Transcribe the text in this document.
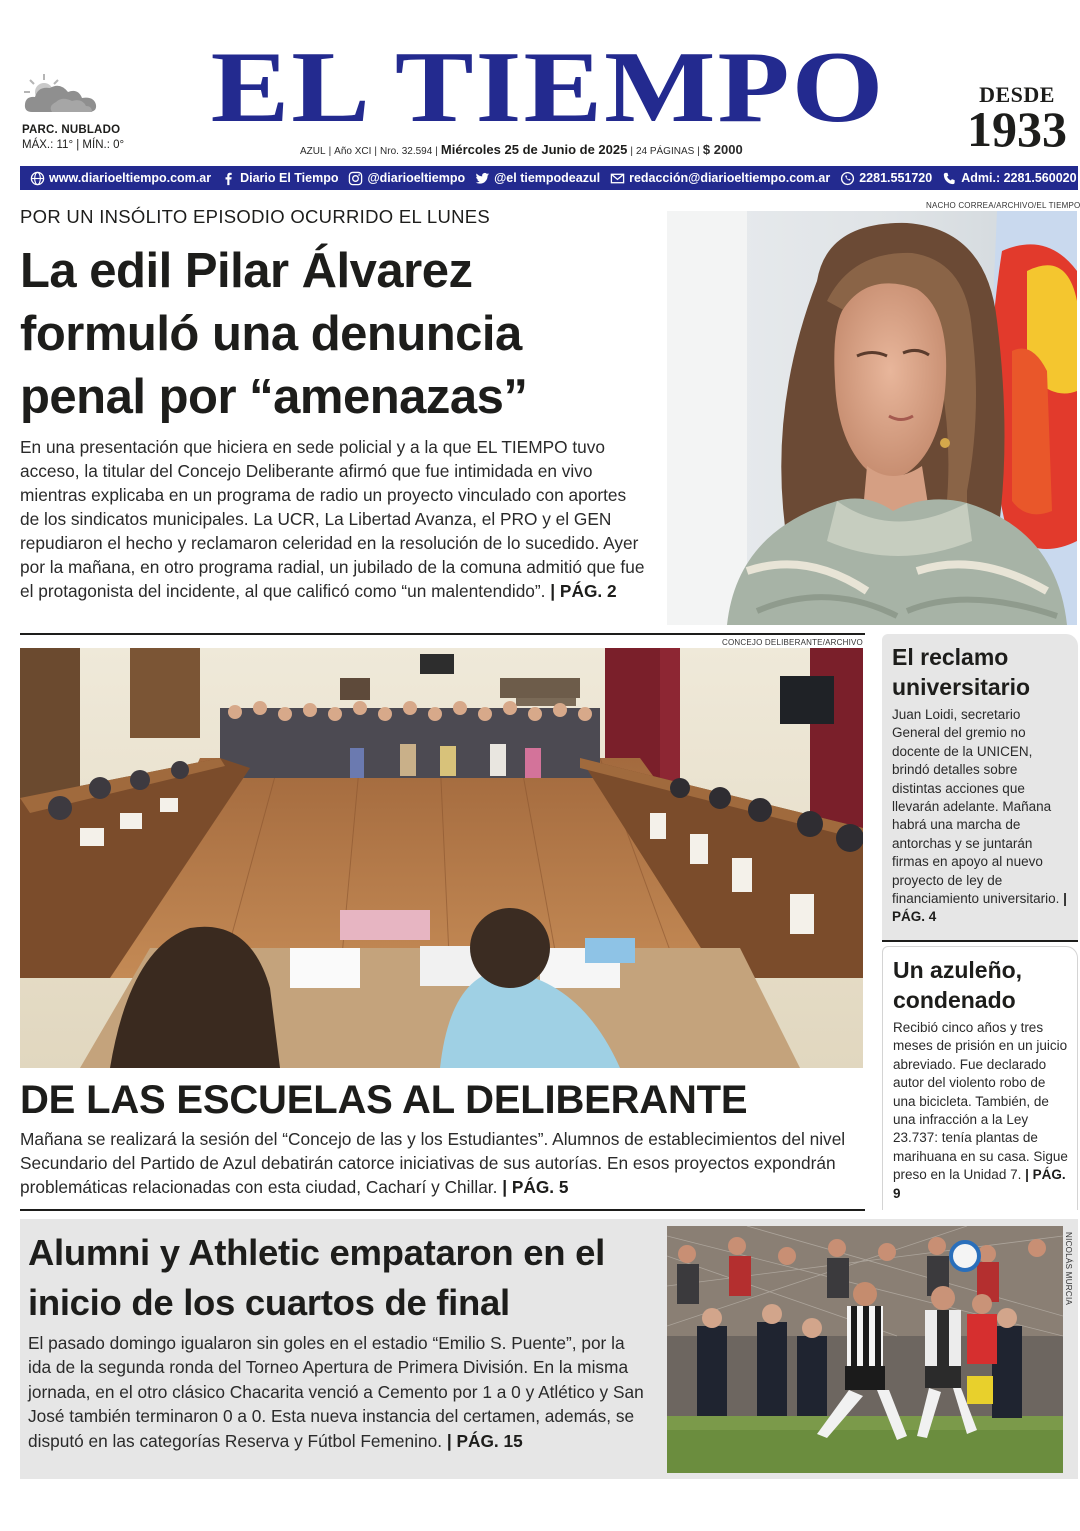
PARC. NUBLADO
MÁX.: 11° | MÍN.: 0°
EL TIEMPO	DESDE
1933
AZUL | Año XCI | Nro. 32.594 | Miércoles 25 de Junio de 2025 | 24 PÁGINAS | $ 2000
www.diarioeltiempo.com.ar Diario El Tiempo @diarioeltiempo @el tiempodeazul redacción@diarioeltiempo.com.ar 2281.551720 Admi.: 2281.560020
POR UN INSÓLITO EPISODIO OCURRIDO EL LUNES
La edil Pilar Álvarez formuló una denuncia penal por “amenazas”
En una presentación que hiciera en sede policial y a la que EL TIEMPO tuvo acceso, la titular del Concejo Deliberante afirmó que fue intimidada en vivo mientras explicaba en un programa de radio un proyecto vinculado con aportes de los sindicatos municipales. La UCR, La Libertad Avanza, el PRO y el GEN repudiaron el hecho y reclamaron celeridad en la resolución de lo sucedido. Ayer por la mañana, en otro programa radial, un jubilado de la comuna admitió que fue el protagonista del incidente, al que calificó como “un malentendido”. | PÁG. 2
NACHO CORREA/ARCHIVO/EL TIEMPO
CONCEJO DELIBERANTE/ARCHIVO
DE LAS ESCUELAS AL DELIBERANTE
Mañana se realizará la sesión del “Concejo de las y los Estudiantes”. Alumnos de establecimientos del nivel Secundario del Partido de Azul debatirán catorce iniciativas de sus autorías. En esos proyectos expondrán problemáticas relacionadas con esta ciudad, Cacharí y Chillar. | PÁG. 5
El reclamo universitario

Juan Loidi, secretario General del gremio no docente de la UNICEN, brindó detalles sobre distintas acciones que llevarán adelante. Mañana habrá una marcha de antorchas y se juntarán firmas en apoyo al nuevo proyecto de ley de financiamiento universitario. | PÁG. 4

Un azuleño, condenado

Recibió cinco años y tres meses de prisión en un juicio abreviado. Fue declarado autor del violento robo de una bicicleta. También, de una infracción a la Ley 23.737: tenía plantas de marihuana en su casa. Sigue preso en la Unidad 7. | PÁG. 9

Alumni y Athletic empataron en el inicio de los cuartos de final
El pasado domingo igualaron sin goles en el estadio “Emilio S. Puente”, por la ida de la segunda ronda del Torneo Apertura de Primera División. En la misma jornada, en el otro clásico Chacarita venció a Cemento por 1 a 0 y Atlético y San José también terminaron 0 a 0. Esta nueva instancia del certamen, además, se disputó en las categorías Reserva y Fútbol Femenino. | PÁG. 15
NICOLÁS MURCIA
